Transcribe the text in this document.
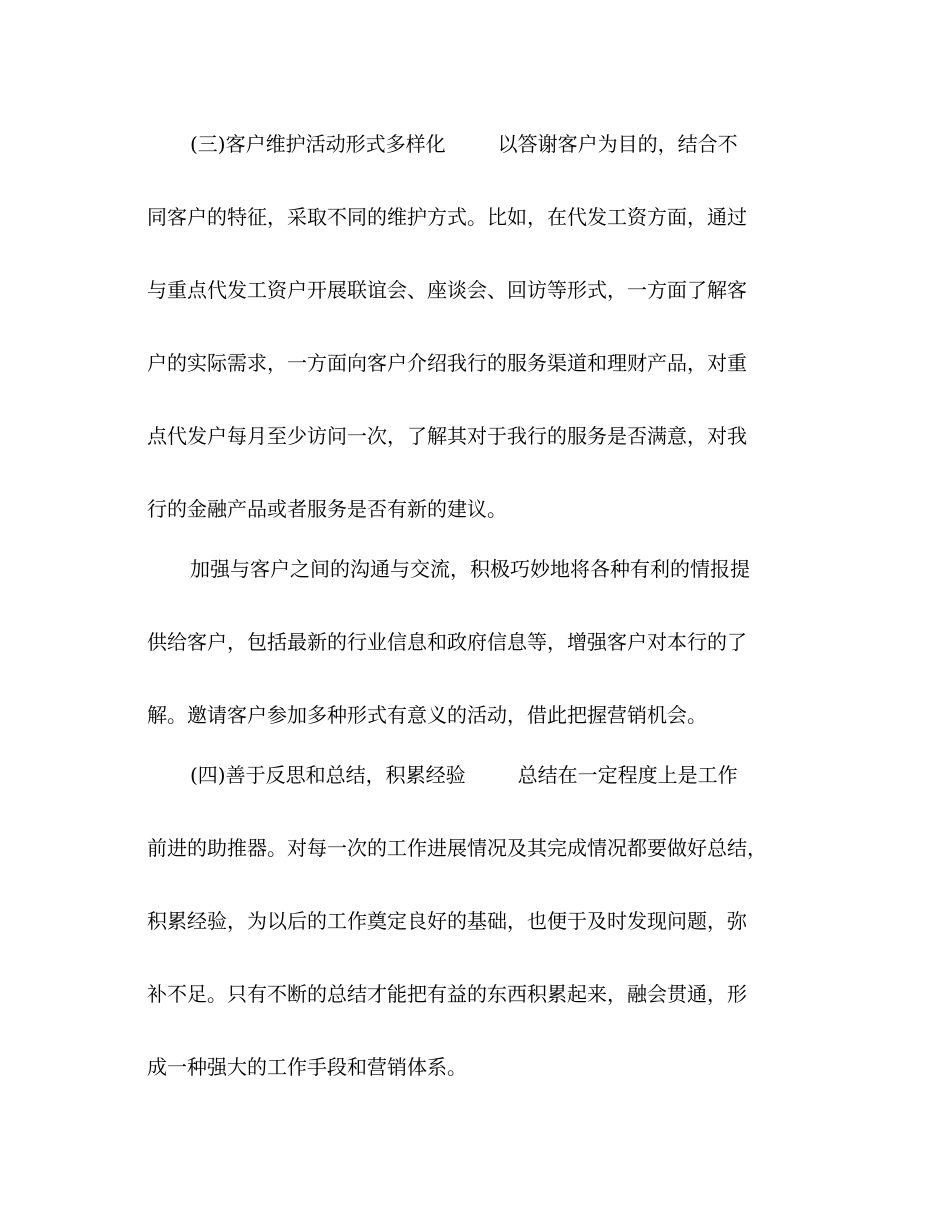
(三)客户维护活动形式多样化	以答谢客户为目的，结合不
同客户的特征，采取不同的维护方式。比如，在代发工资方面，通过
与重点代发工资户开展联谊会、座谈会、回访等形式，一方面了解客
户的实际需求，一方面向客户介绍我行的服务渠道和理财产品，对重
点代发户每月至少访问一次，了解其对于我行的服务是否满意，对我
行的金融产品或者服务是否有新的建议。
加强与客户之间的沟通与交流，积极巧妙地将各种有利的情报提
供给客户，包括最新的行业信息和政府信息等，增强客户对本行的了
解。邀请客户参加多种形式有意义的活动，借此把握营销机会。
(四)善于反思和总结，积累经验	总结在一定程度上是工作
前进的助推器。对每一次的工作进展情况及其完成情况都要做好总结，
积累经验，为以后的工作奠定良好的基础，也便于及时发现问题，弥
补不足。只有不断的总结才能把有益的东西积累起来，融会贯通，形
成一种强大的工作手段和营销体系。
